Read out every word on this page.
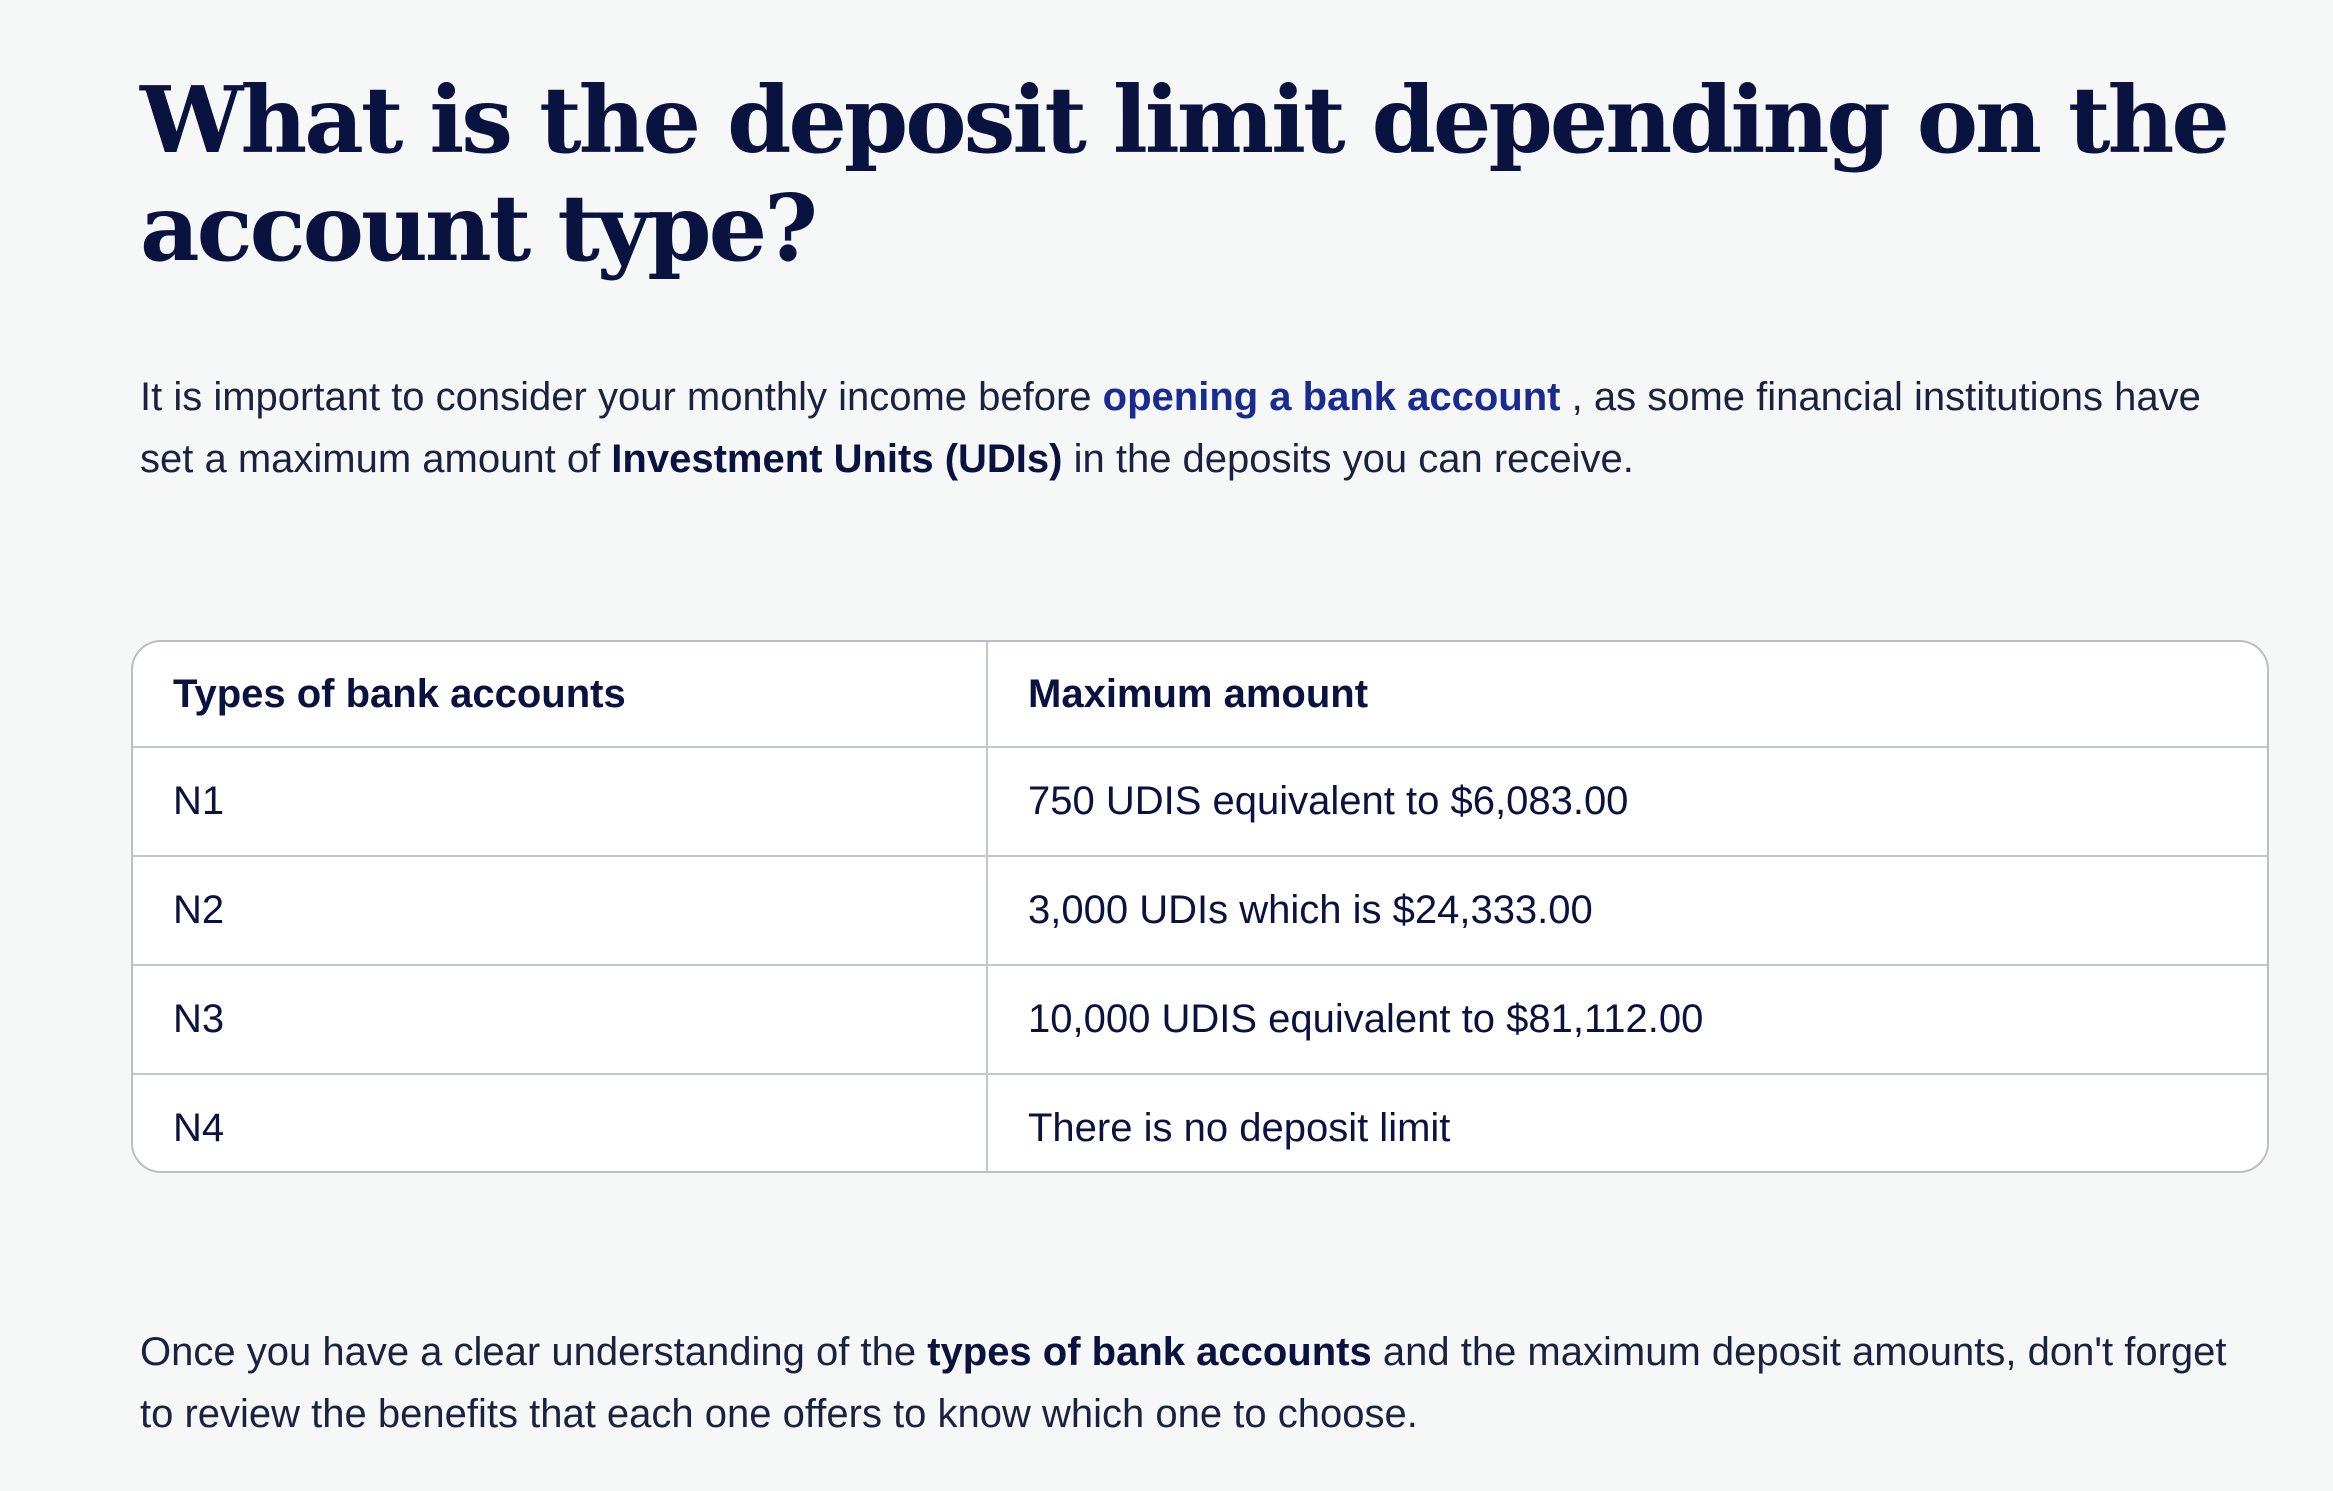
What is the deposit limit depending on the account type?

It is important to consider your monthly income before opening a bank account , as some financial institutions have set a maximum amount of Investment Units (UDIs) in the deposits you can receive.

Types of bank accounts	Maximum amount
N1	750 UDIS equivalent to $6,083.00
N2	3,000 UDIs which is $24,333.00
N3	10,000 UDIS equivalent to $81,112.00
N4	There is no deposit limit

Once you have a clear understanding of the types of bank accounts and the maximum deposit amounts, don't forget to review the benefits that each one offers to know which one to choose.
